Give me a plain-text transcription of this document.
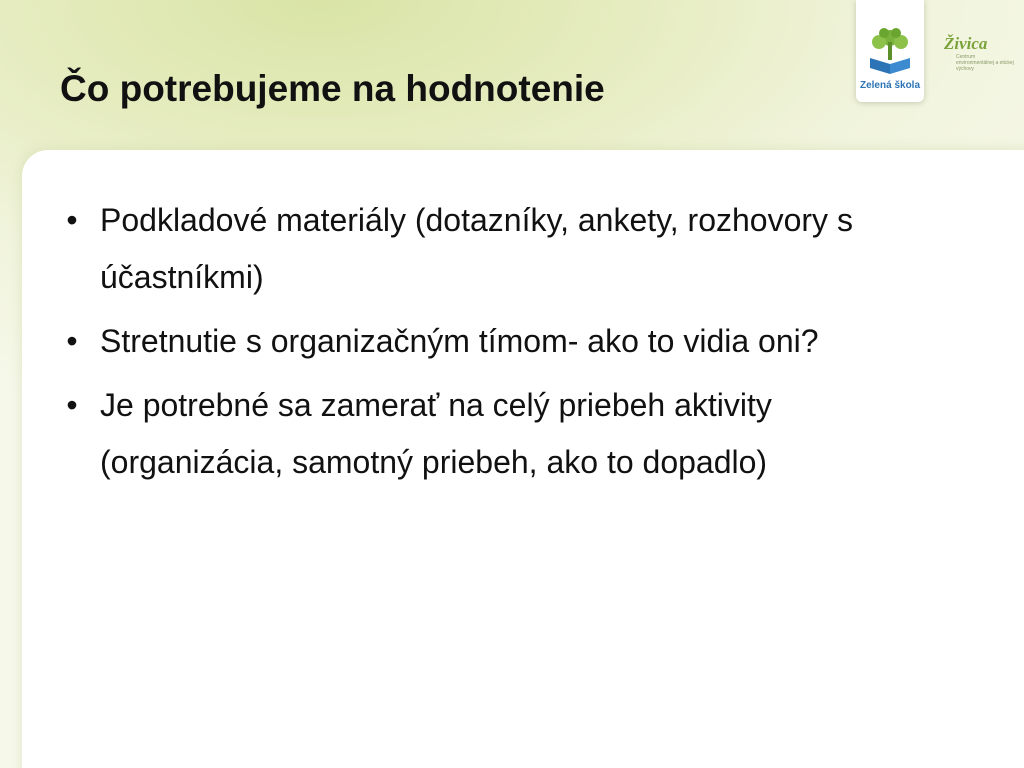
Zelená škola
Živica
Centrum environmentálnej a etickej výchovy
Čo potrebujeme na hodnotenie
• Podkladové materiály (dotazníky, ankety, rozhovory s účastníkmi)
• Stretnutie s organizačným tímom- ako to vidia oni?
• Je potrebné sa zamerať na celý priebeh aktivity (organizácia, samotný priebeh, ako to dopadlo)
